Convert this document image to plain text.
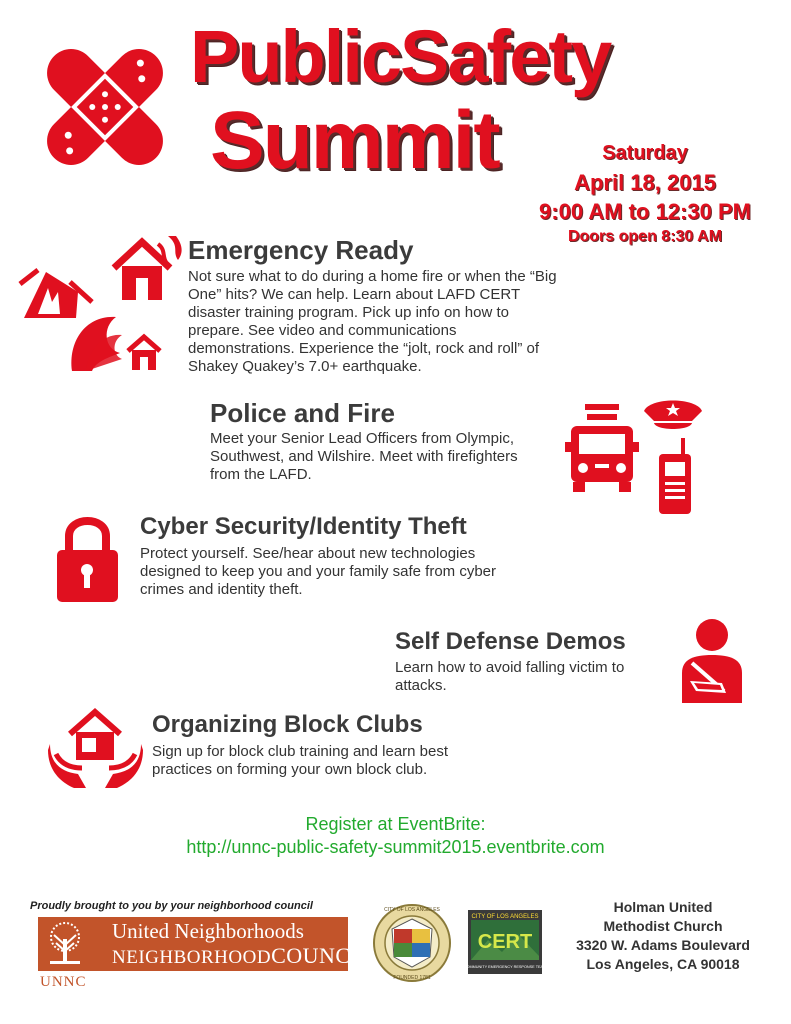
PublicSafety
Summit	Saturday
April 18, 2015
9:00 AM to 12:30 PM
Doors open 8:30 AM
Emergency Ready
Not sure what to do during a home fire or when the “Big One” hits? We can help. Learn about LAFD CERT disaster training program. Pick up info on how to prepare. See video and communications demonstrations. Experience the “jolt, rock and roll” of Shakey Quakey’s 7.0+ earthquake.
Police and Fire
Meet your Senior Lead Officers from Olympic, Southwest, and Wilshire. Meet with firefighters from the LAFD.
Cyber Security/Identity Theft
Protect yourself. See/hear about new technologies designed to keep you and your family safe from cyber crimes and identity theft.
Self Defense Demos
Learn how to avoid falling victim to attacks.
Organizing Block Clubs
Sign up for block club training and learn best practices on forming your own block club.
Register at EventBrite:
http://unnc-public-safety-summit2015.eventbrite.com
Proudly brought to you by your neighborhood council
United Neighborhoods
NEIGHBORHOODCOUNCIL
UNNC
CITY OF LOS ANGELES
FOUNDED 1781
CITY OF LOS ANGELES
CERT
COMMUNITY EMERGENCY RESPONSE TEAM
Holman United
Methodist Church
3320 W. Adams Boulevard
Los Angeles, CA 90018
